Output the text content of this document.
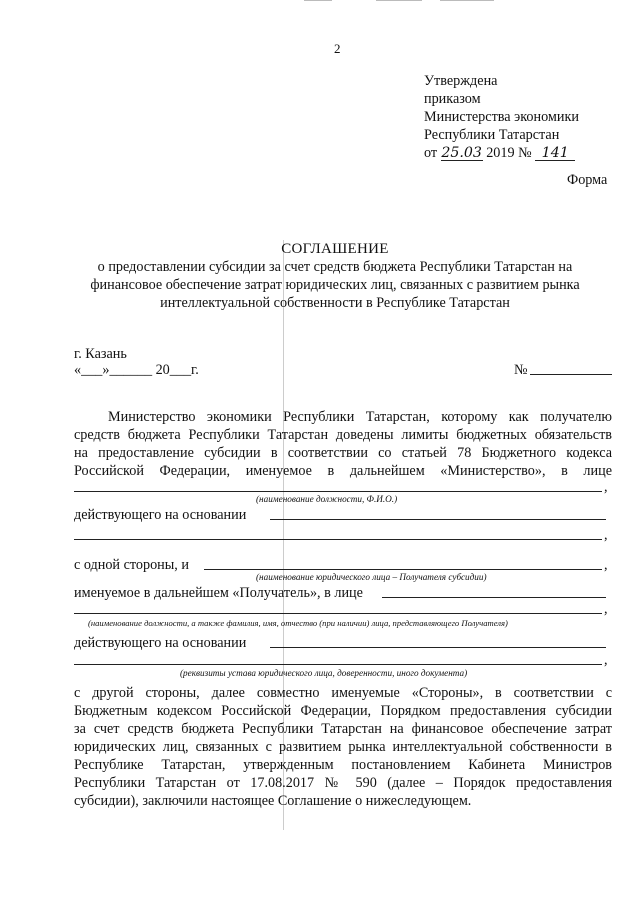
2
Утверждена
приказом
Министерства экономики
Республики Татарстан
от 25.03 2019 № 141
Форма
СОГЛАШЕНИЕ
о предоставлении субсидии за счет средств бюджета Республики Татарстан на
финансовое обеспечение затрат юридических лиц, связанных с развитием рынка
интеллектуальной собственности в Республике Татарстан
г. Казань
«___»______ 20___г.	№
Министерство экономики Республики Татарстан, которому как получателю
средств бюджета Республики Татарстан доведены лимиты бюджетных обязательств
на предоставление субсидии в соответствии со статьей 78 Бюджетного кодекса
Российской Федерации, именуемое в дальнейшем «Министерство», в лице
,
(наименование должности, Ф.И.О.)
действующего на основании
,
с одной стороны, и	,
(наименование юридического лица – Получателя субсидии)
именуемое в дальнейшем «Получатель», в лице
,
(наименование должности, а также фамилия, имя, отчество (при наличии) лица, представляющего Получателя)
действующего на основании
,
(реквизиты устава юридического лица, доверенности, иного документа)
с другой стороны, далее совместно именуемые «Стороны», в соответствии с
Бюджетным кодексом Российской Федерации, Порядком предоставления субсидии
за счет средств бюджета Республики Татарстан на финансовое обеспечение затрат
юридических лиц, связанных с развитием рынка интеллектуальной собственности в
Республике Татарстан, утвержденным постановлением Кабинета Министров
Республики Татарстан от 17.08.2017 № 590 (далее – Порядок предоставления
субсидии), заключили настоящее Соглашение о нижеследующем.
